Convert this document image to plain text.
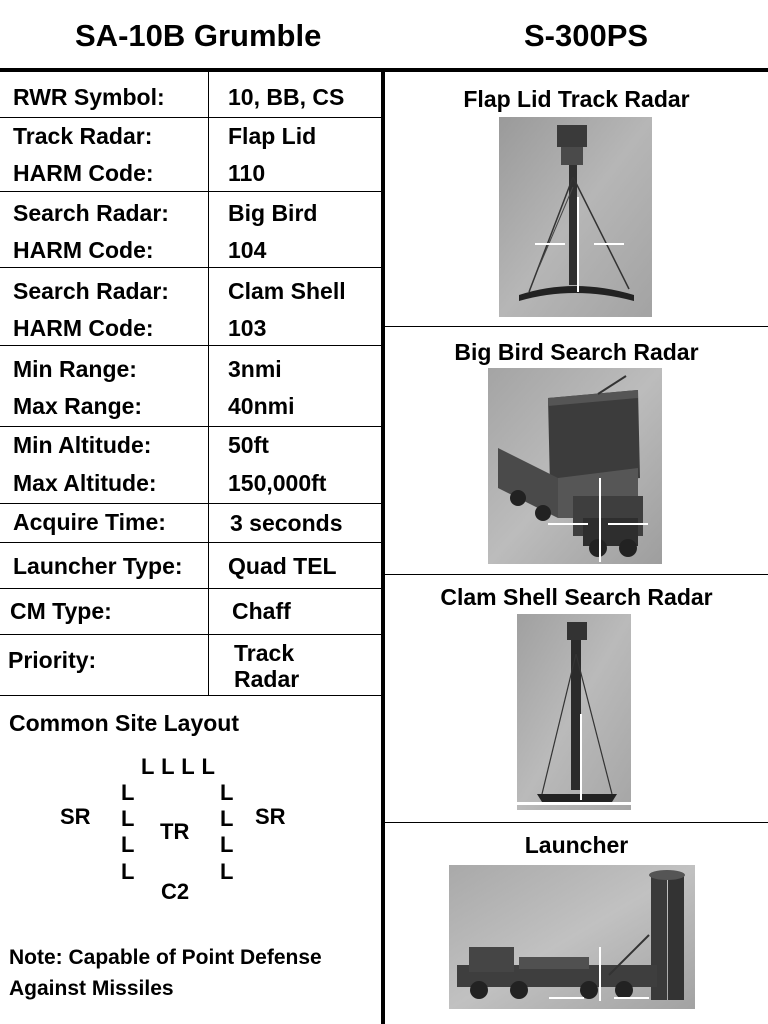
SA-10B Grumble	S-300PS
RWR Symbol:	10, BB, CS
Track Radar:	Flap Lid
HARM Code:	110
Search Radar:	Big Bird
HARM Code:	104
Search Radar:	Clam Shell
HARM Code:	103
Min Range:	3nmi
Max Range:	40nmi
Min Altitude:	50ft
Max Altitude:	150,000ft
Acquire Time:	3 seconds
Launcher Type: Quad TEL
CM Type:	Chaff
Priority:	Track
Radar
Common Site Layout
L L L L
L
L
L
L
L
L
L
L
SR	SR
TR
C2
Note: Capable of Point Defense
Against Missiles
Flap Lid Track Radar
Big Bird Search Radar
Clam Shell Search Radar
Launcher
